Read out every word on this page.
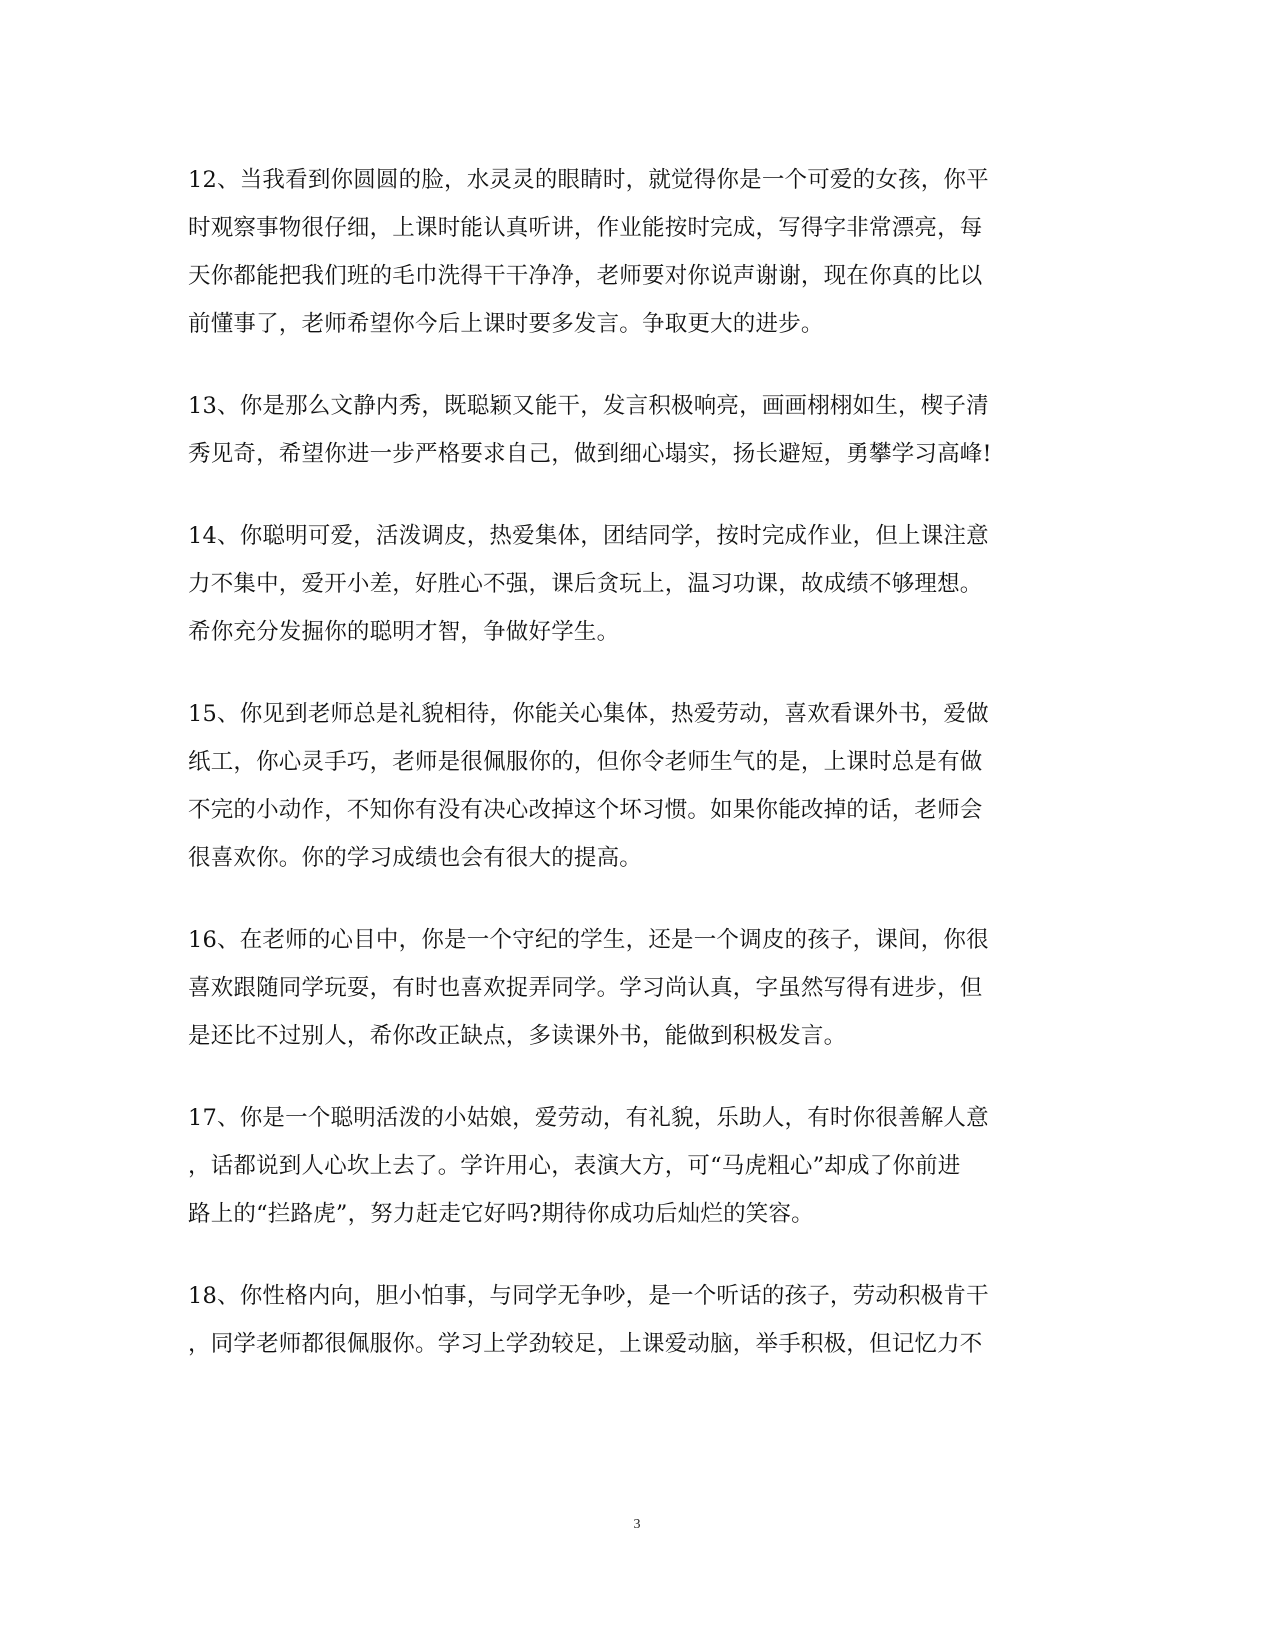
12、当我看到你圆圆的脸，水灵灵的眼睛时，就觉得你是一个可爱的女孩，你平
时观察事物很仔细，上课时能认真听讲，作业能按时完成，写得字非常漂亮，每
天你都能把我们班的毛巾洗得干干净净，老师要对你说声谢谢，现在你真的比以
前懂事了，老师希望你今后上课时要多发言。争取更大的进步。
13、你是那么文静内秀，既聪颖又能干，发言积极响亮，画画栩栩如生，楔子清
秀见奇，希望你进一步严格要求自己，做到细心塌实，扬长避短，勇攀学习高峰!
14、你聪明可爱，活泼调皮，热爱集体，团结同学，按时完成作业，但上课注意
力不集中，爱开小差，好胜心不强，课后贪玩上，温习功课，故成绩不够理想。
希你充分发掘你的聪明才智，争做好学生。
15、你见到老师总是礼貌相待，你能关心集体，热爱劳动，喜欢看课外书，爱做
纸工，你心灵手巧，老师是很佩服你的，但你令老师生气的是，上课时总是有做
不完的小动作，不知你有没有决心改掉这个坏习惯。如果你能改掉的话，老师会
很喜欢你。你的学习成绩也会有很大的提高。
16、在老师的心目中，你是一个守纪的学生，还是一个调皮的孩子，课间，你很
喜欢跟随同学玩耍，有时也喜欢捉弄同学。学习尚认真，字虽然写得有进步，但
是还比不过别人，希你改正缺点，多读课外书，能做到积极发言。
17、你是一个聪明活泼的小姑娘，爱劳动，有礼貌，乐助人，有时你很善解人意
，话都说到人心坎上去了。学许用心，表演大方，可“马虎粗心”却成了你前进
路上的“拦路虎”，努力赶走它好吗?期待你成功后灿烂的笑容。
18、你性格内向，胆小怕事，与同学无争吵，是一个听话的孩子，劳动积极肯干
，同学老师都很佩服你。学习上学劲较足，上课爱动脑，举手积极，但记忆力不
3
